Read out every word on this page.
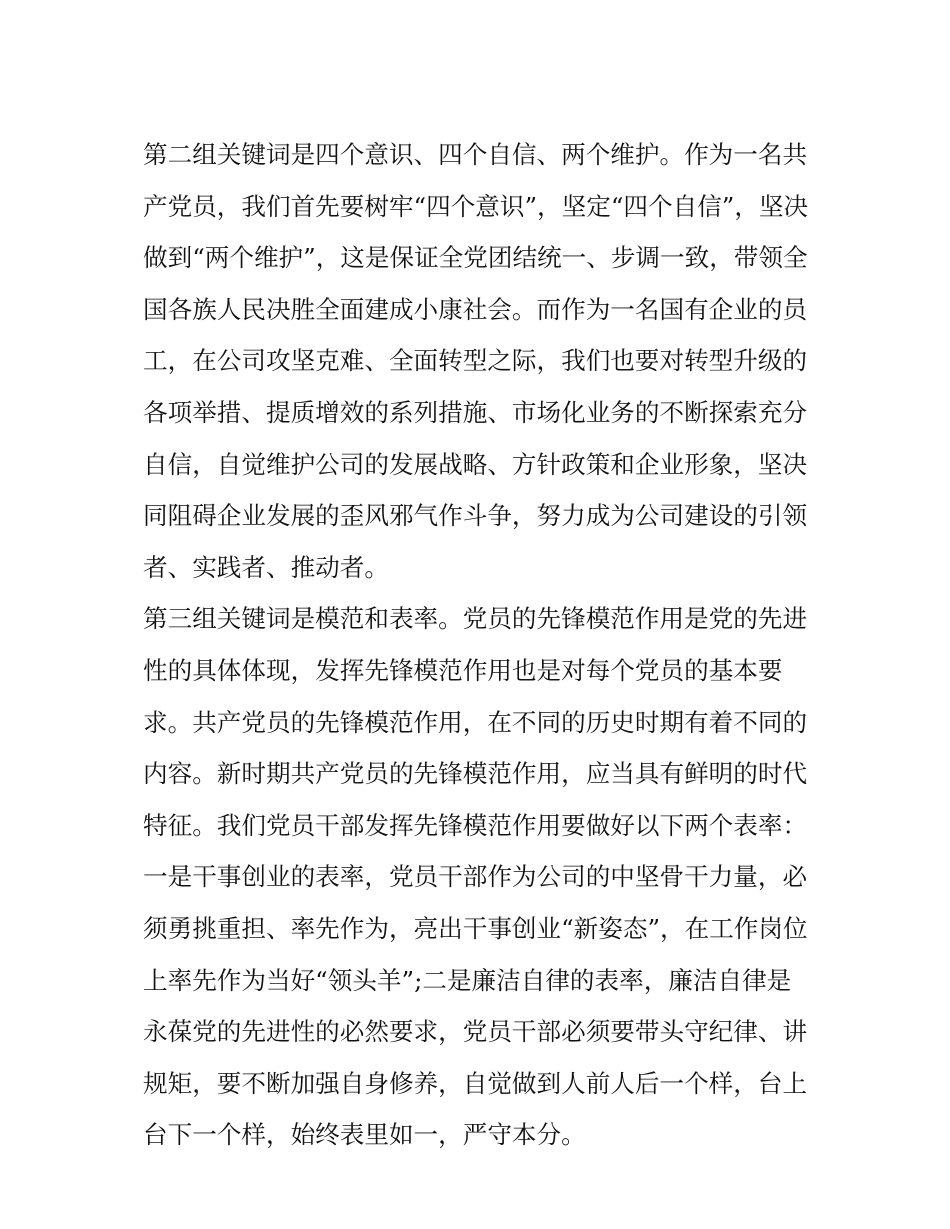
第二组关键词是四个意识、四个自信、两个维护。作为一名共
产党员，我们首先要树牢“四个意识”，坚定“四个自信”，坚决
做到“两个维护”，这是保证全党团结统一、步调一致，带领全
国各族人民决胜全面建成小康社会。而作为一名国有企业的员
工，在公司攻坚克难、全面转型之际，我们也要对转型升级的
各项举措、提质增效的系列措施、市场化业务的不断探索充分
自信，自觉维护公司的发展战略、方针政策和企业形象，坚决
同阻碍企业发展的歪风邪气作斗争，努力成为公司建设的引领
者、实践者、推动者。
第三组关键词是模范和表率。党员的先锋模范作用是党的先进
性的具体体现，发挥先锋模范作用也是对每个党员的基本要
求。共产党员的先锋模范作用，在不同的历史时期有着不同的
内容。新时期共产党员的先锋模范作用，应当具有鲜明的时代
特征。我们党员干部发挥先锋模范作用要做好以下两个表率：
一是干事创业的表率，党员干部作为公司的中坚骨干力量，必
须勇挑重担、率先作为，亮出干事创业“新姿态”，在工作岗位
上率先作为当好“领头羊”;二是廉洁自律的表率，廉洁自律是
永葆党的先进性的必然要求，党员干部必须要带头守纪律、讲
规矩，要不断加强自身修养，自觉做到人前人后一个样，台上
台下一个样，始终表里如一，严守本分。
